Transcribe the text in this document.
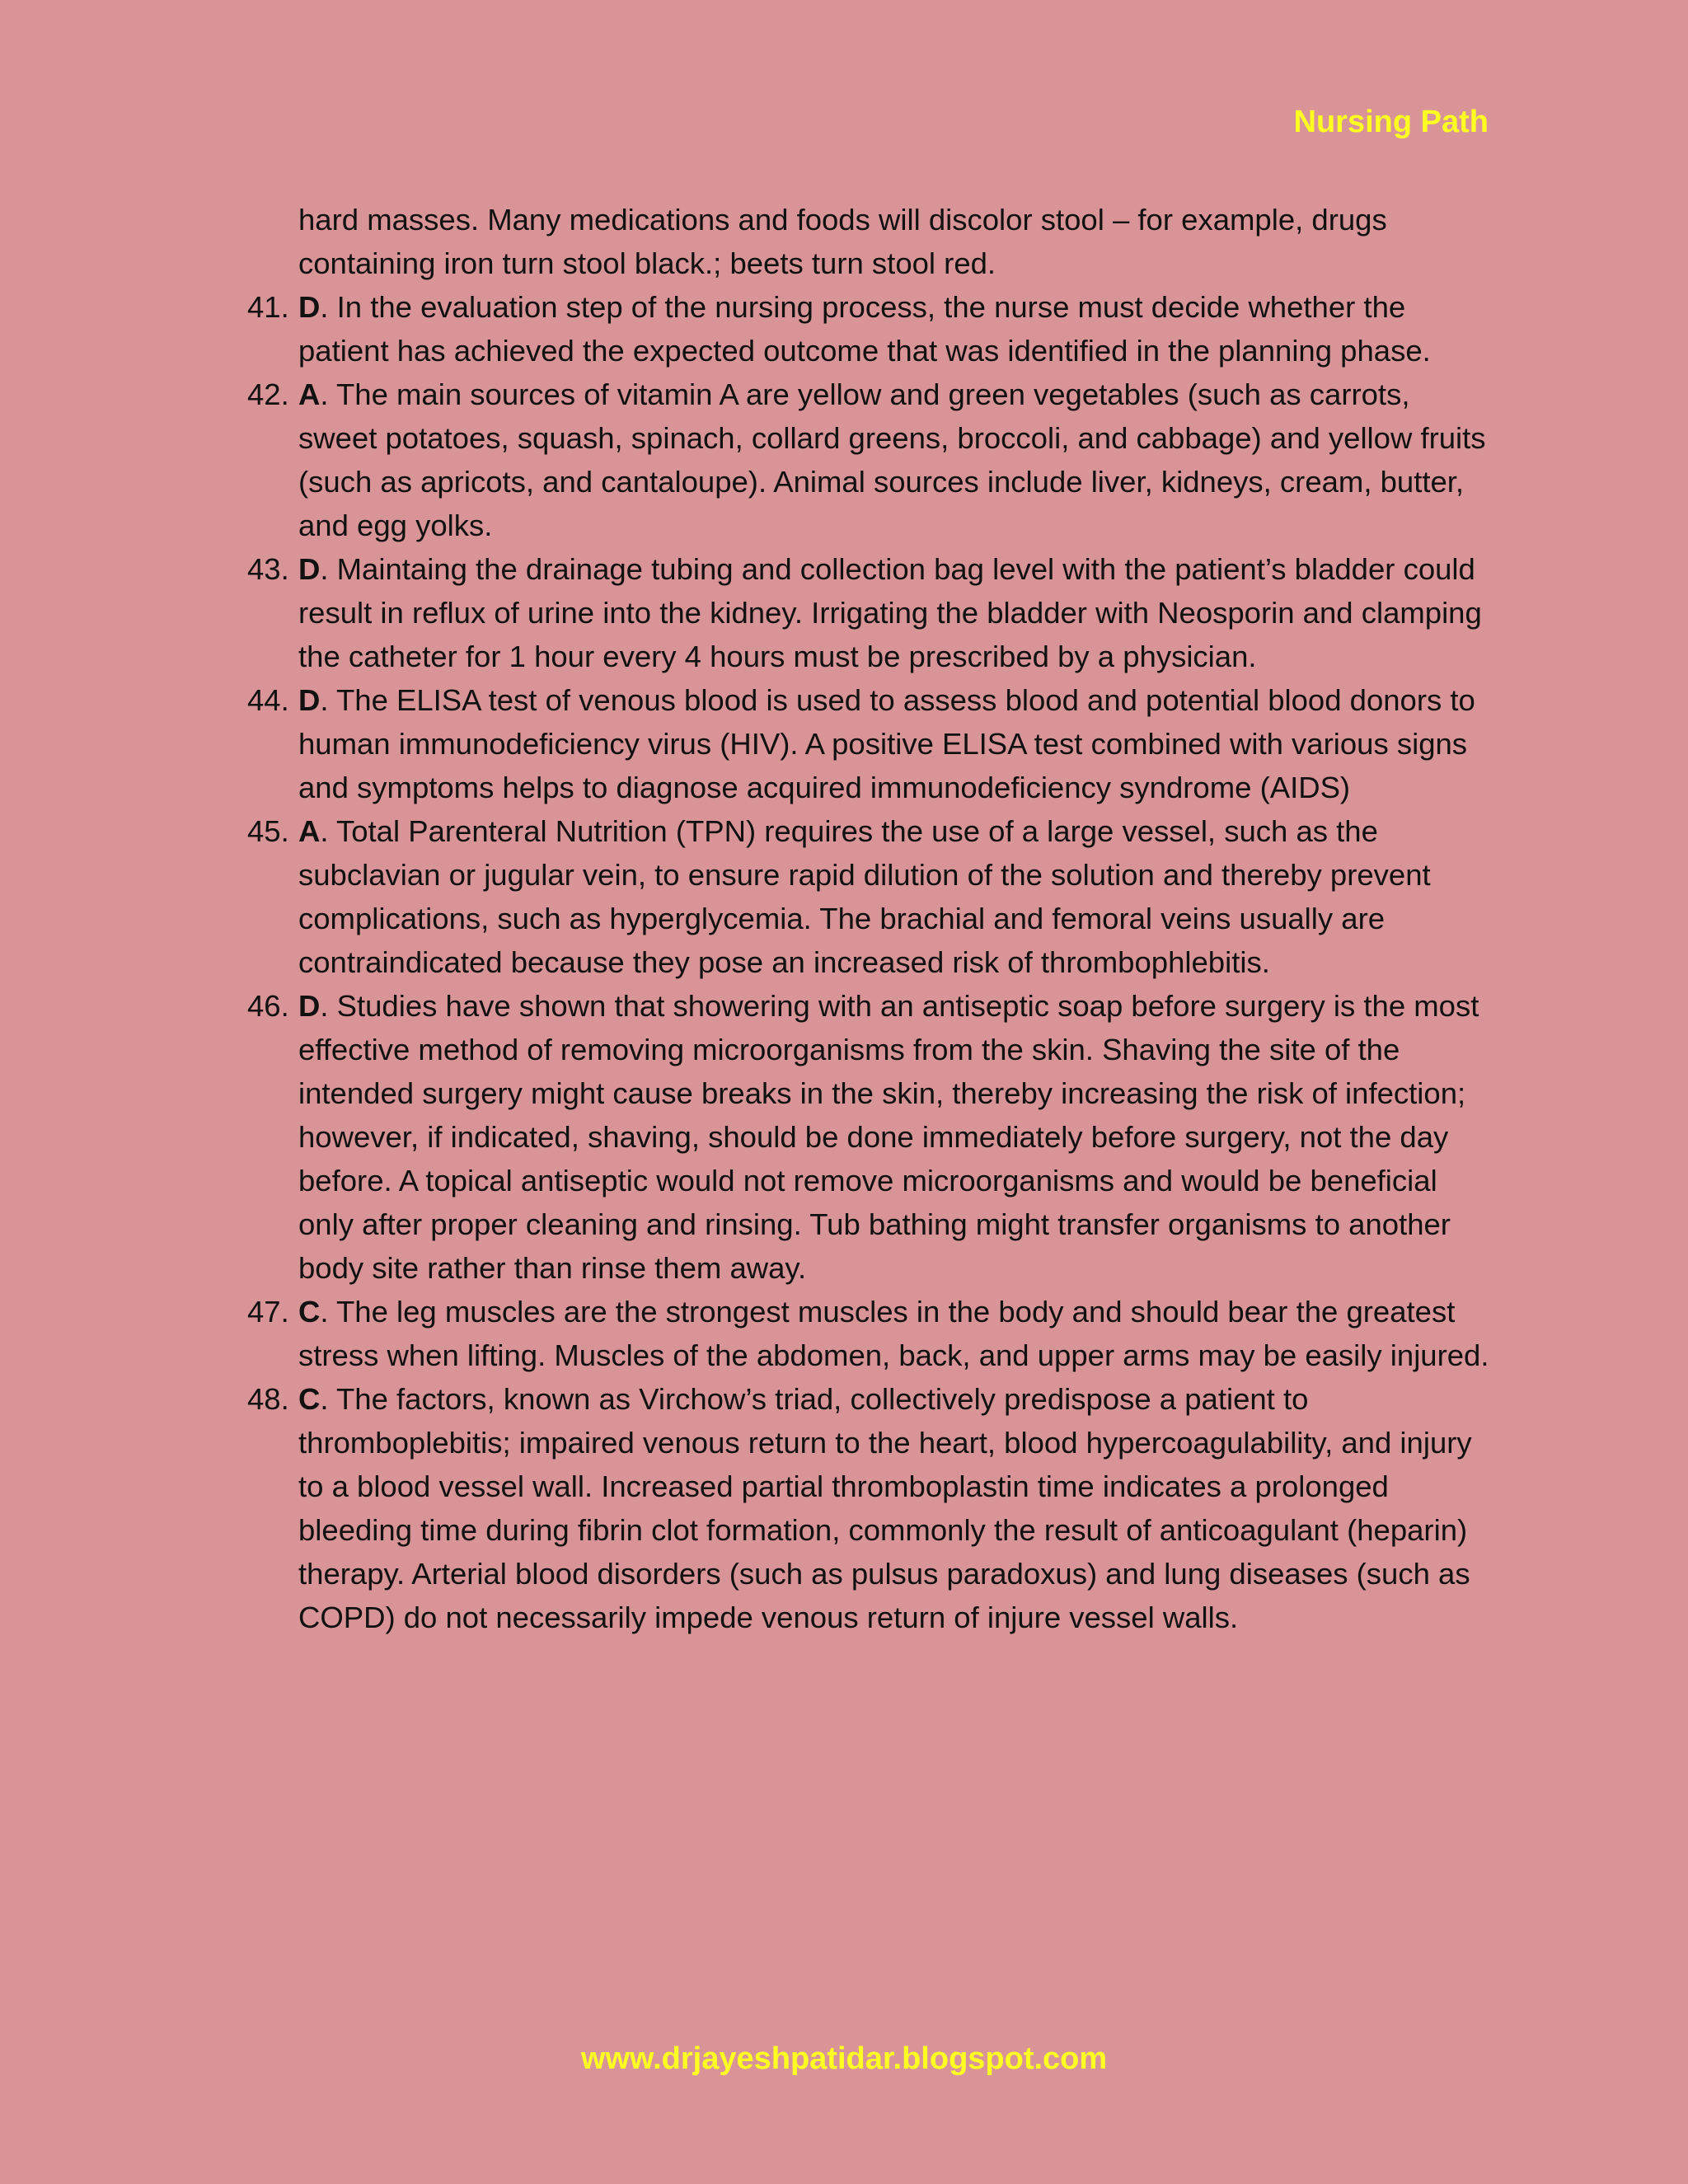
Nursing Path

hard masses. Many medications and foods will discolor stool – for example, drugs containing iron turn stool black.; beets turn stool red.

41. D. In the evaluation step of the nursing process, the nurse must decide whether the patient has achieved the expected outcome that was identified in the planning phase.
42. A. The main sources of vitamin A are yellow and green vegetables (such as carrots, sweet potatoes, squash, spinach, collard greens, broccoli, and cabbage) and yellow fruits (such as apricots, and cantaloupe). Animal sources include liver, kidneys, cream, butter, and egg yolks.
43. D. Maintaing the drainage tubing and collection bag level with the patient’s bladder could result in reflux of urine into the kidney. Irrigating the bladder with Neosporin and clamping the catheter for 1 hour every 4 hours must be prescribed by a physician.
44. D. The ELISA test of venous blood is used to assess blood and potential blood donors to human immunodeficiency virus (HIV). A positive ELISA test combined with various signs and symptoms helps to diagnose acquired immunodeficiency syndrome (AIDS)
45. A. Total Parenteral Nutrition (TPN) requires the use of a large vessel, such as the subclavian or jugular vein, to ensure rapid dilution of the solution and thereby prevent complications, such as hyperglycemia. The brachial and femoral veins usually are contraindicated because they pose an increased risk of thrombophlebitis.
46. D. Studies have shown that showering with an antiseptic soap before surgery is the most effective method of removing microorganisms from the skin. Shaving the site of the intended surgery might cause breaks in the skin, thereby increasing the risk of infection; however, if indicated, shaving, should be done immediately before surgery, not the day before. A topical antiseptic would not remove microorganisms and would be beneficial only after proper cleaning and rinsing. Tub bathing might transfer organisms to another body site rather than rinse them away.
47. C. The leg muscles are the strongest muscles in the body and should bear the greatest stress when lifting. Muscles of the abdomen, back, and upper arms may be easily injured.
48. C. The factors, known as Virchow’s triad, collectively predispose a patient to thromboplebitis; impaired venous return to the heart, blood hypercoagulability, and injury to a blood vessel wall. Increased partial thromboplastin time indicates a prolonged bleeding time during fibrin clot formation, commonly the result of anticoagulant (heparin) therapy. Arterial blood disorders (such as pulsus paradoxus) and lung diseases (such as COPD) do not necessarily impede venous return of injure vessel walls.
www.drjayeshpatidar.blogspot.com
